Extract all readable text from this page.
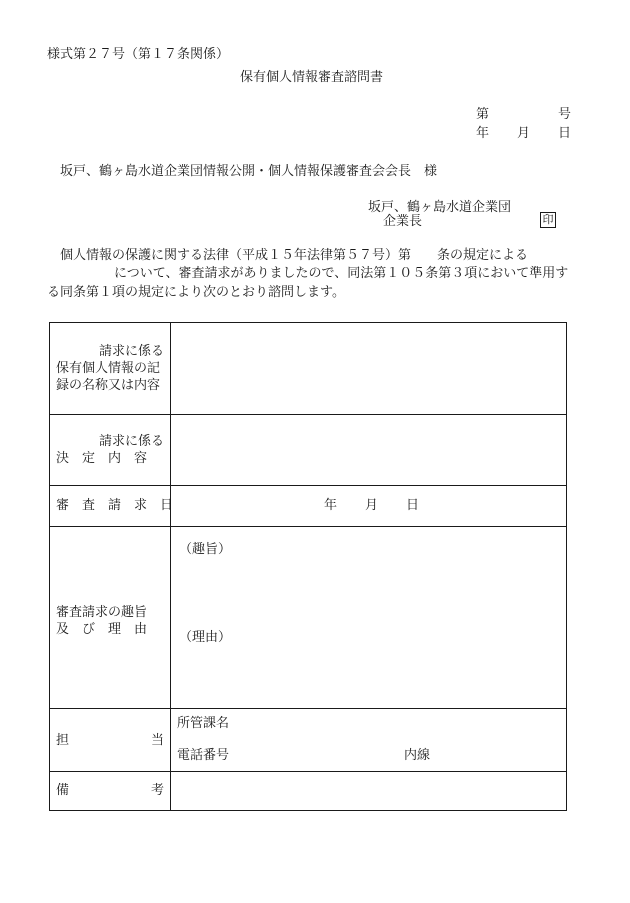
様式第２７号（第１７条関係）
保有個人情報審査諮問書
第	号
年 月 日
坂戸、鶴ヶ島水道企業団情報公開・個人情報保護審査会会長　様
坂戸、鶴ヶ島水道企業団
企業長	印
個人情報の保護に関する法律（平成１５年法律第５７号）第　　条の規定による
について、審査請求がありましたので、同法第１０５条第３項において準用す
る同条第１項の規定により次のとおり諮問します。
請求に係る
保有個人情報の記
録の名称又は内容	

請求に係る
決　定　内　容	

審　査　請　求　日	年 月 日

審査請求の趣旨
及　び　理　由	（趣旨）
（理由）

担 当	所管課名
電話番号 内線

備 考	
